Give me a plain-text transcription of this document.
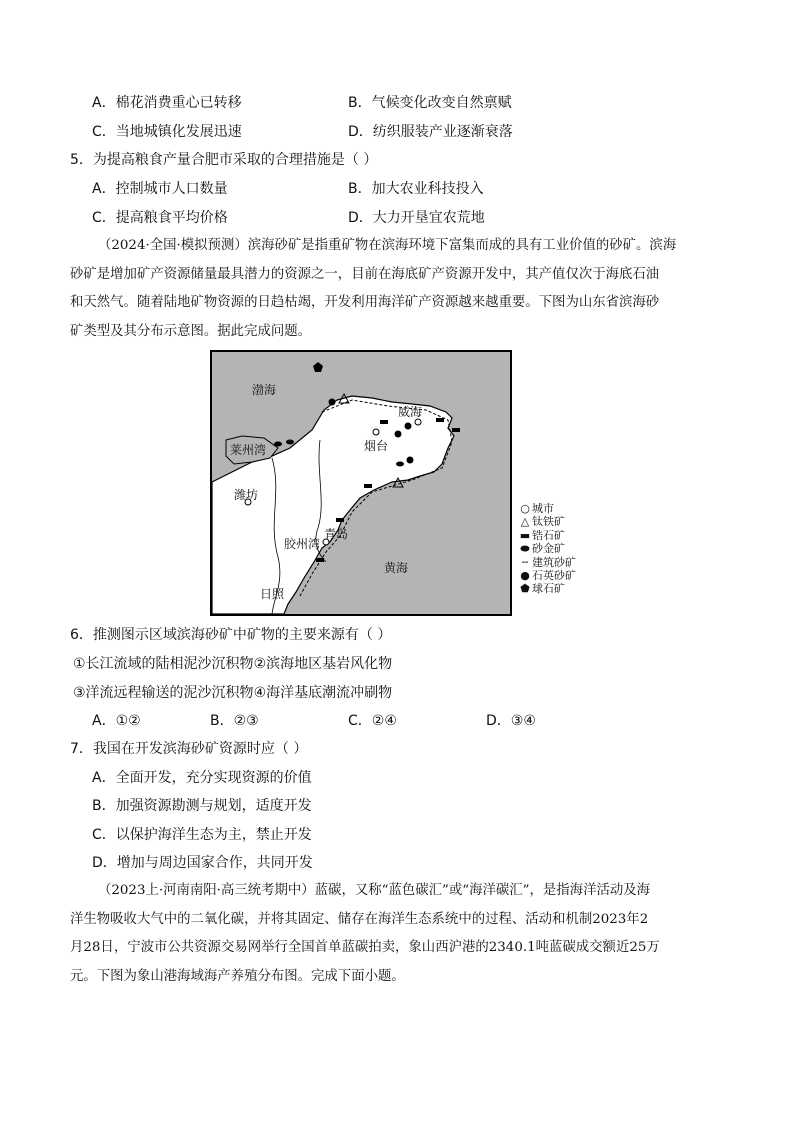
A．棉花消费重心已转移	B．气候变化改变自然禀赋
C．当地城镇化发展迅速	D．纺织服装产业逐渐衰落
5．为提高粮食产量合肥市采取的合理措施是（ ）
A．控制城市人口数量	B．加大农业科技投入
C．提高粮食平均价格	D．大力开垦宜农荒地
（2024·全国·模拟预测）滨海砂矿是指重矿物在滨海环境下富集而成的具有工业价值的砂矿。滨海
砂矿是增加矿产资源储量最具潜力的资源之一，目前在海底矿产资源开发中，其产值仅次于海底石油
和天然气。随着陆地矿物资源的日趋枯竭，开发利用海洋矿产资源越来越重要。下图为山东省滨海砂
矿类型及其分布示意图。据此完成问题。
渤海
莱州湾
潍坊
烟台
威海
胶州湾
青岛
黄海
日照
○ 城市
△ 钛铁矿
▬ 锆石矿
⬬ 砂金矿
╌ 建筑砂矿
● 石英砂矿
⬟ 球石矿
6．推测图示区域滨海砂矿中矿物的主要来源有（ ）
①长江流域的陆相泥沙沉积物②滨海地区基岩风化物
③洋流远程输送的泥沙沉积物④海洋基底潮流冲刷物
A．①②	B．②③	C．②④	D．③④
7．我国在开发滨海砂矿资源时应（ ）
A．全面开发，充分实现资源的价值
B．加强资源勘测与规划，适度开发
C．以保护海洋生态为主，禁止开发
D．增加与周边国家合作，共同开发
（2023上·河南南阳·高三统考期中）蓝碳，又称“蓝色碳汇”或“海洋碳汇”，是指海洋活动及海
洋生物吸收大气中的二氧化碳，并将其固定、储存在海洋生态系统中的过程、活动和机制2023年2
月28日，宁波市公共资源交易网举行全国首单蓝碳拍卖，象山西沪港的2340.1吨蓝碳成交额近25万
元。下图为象山港海域海产养殖分布图。完成下面小题。
